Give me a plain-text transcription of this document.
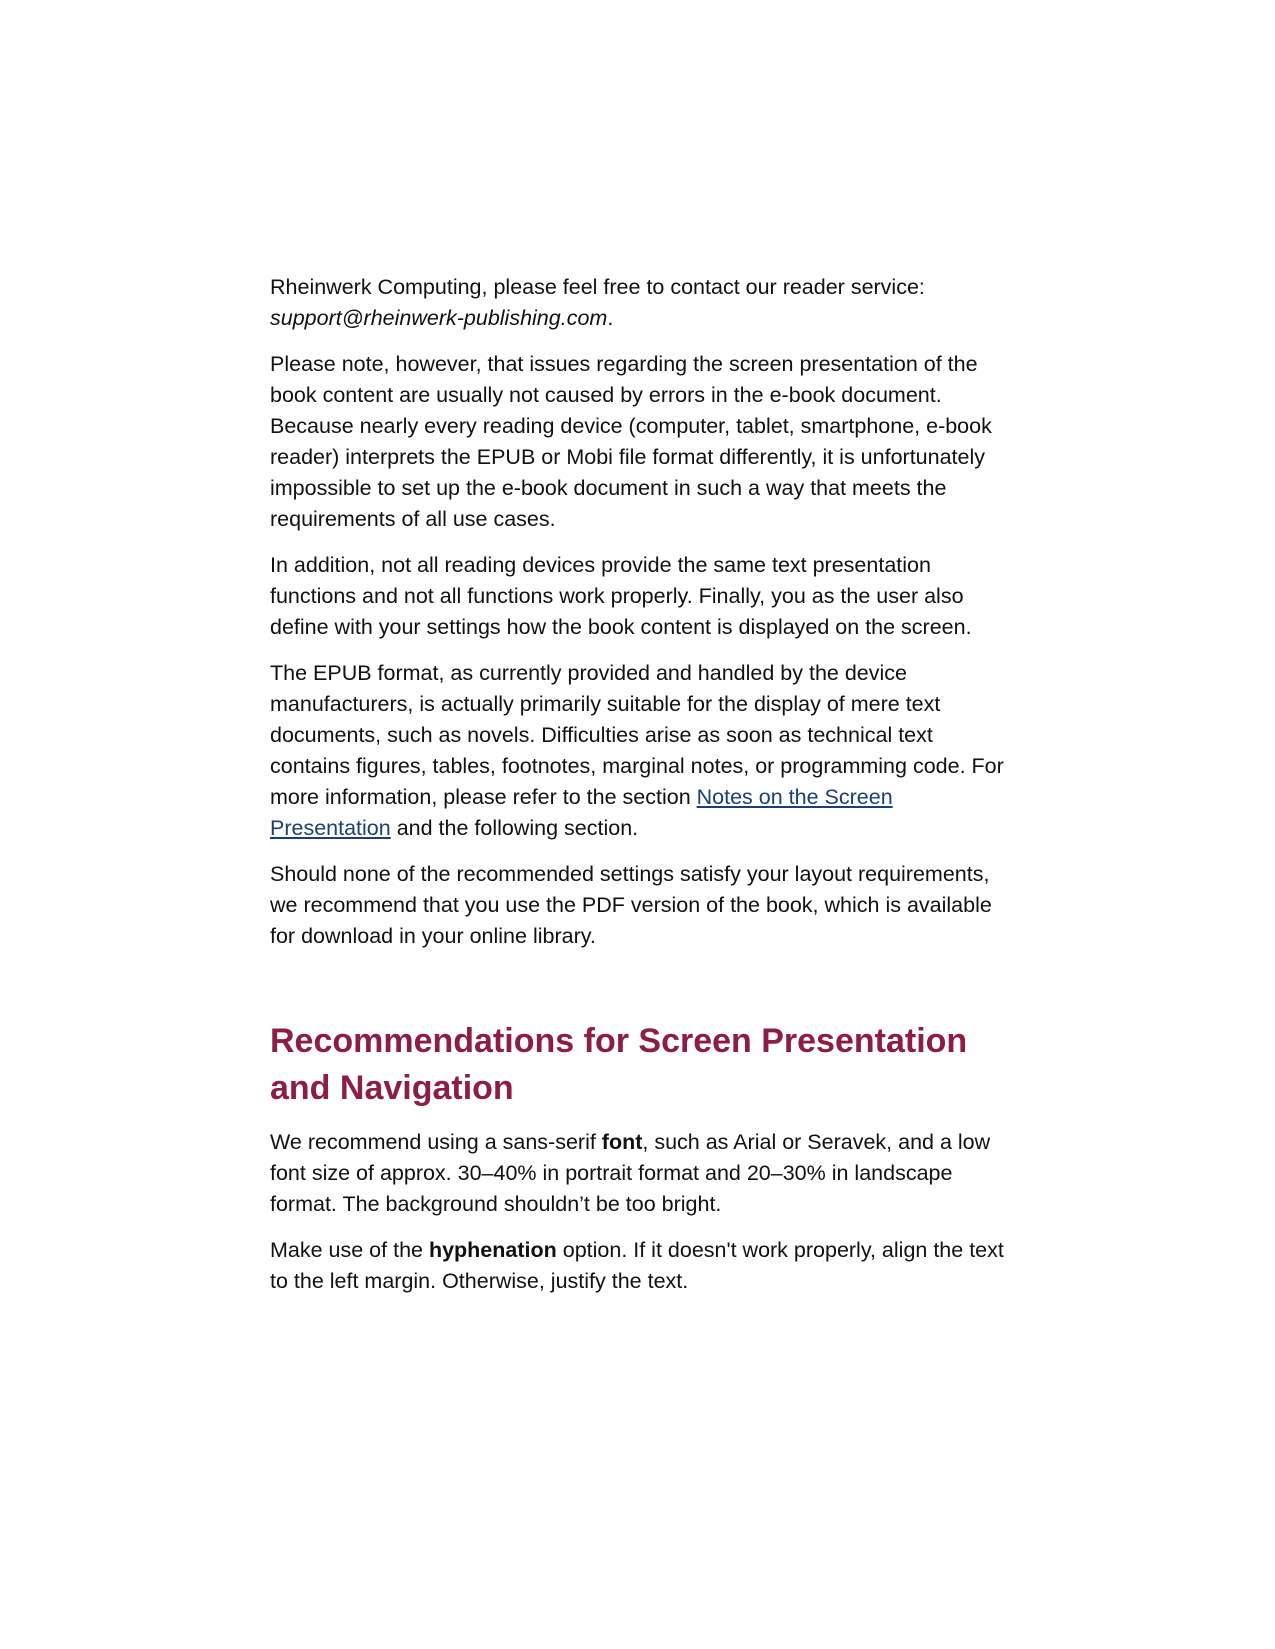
Rheinwerk Computing, please feel free to contact our reader service:
support@rheinwerk-publishing.com.

Please note, however, that issues regarding the screen presentation of the book content are usually not caused by errors in the e-book document. Because nearly every reading device (computer, tablet, smartphone, e-book reader) interprets the EPUB or Mobi file format differently, it is unfortunately impossible to set up the e-book document in such a way that meets the requirements of all use cases.

In addition, not all reading devices provide the same text presentation functions and not all functions work properly. Finally, you as the user also define with your settings how the book content is displayed on the screen.

The EPUB format, as currently provided and handled by the device manufacturers, is actually primarily suitable for the display of mere text documents, such as novels. Difficulties arise as soon as technical text contains figures, tables, footnotes, marginal notes, or programming code. For more information, please refer to the section Notes on the Screen Presentation and the following section.

Should none of the recommended settings satisfy your layout requirements, we recommend that you use the PDF version of the book, which is available for download in your online library.

Recommendations for Screen Presentation and Navigation

We recommend using a sans-serif font, such as Arial or Seravek, and a low font size of approx. 30–40% in portrait format and 20–30% in landscape format. The background shouldn’t be too bright.

Make use of the hyphenation option. If it doesn't work properly, align the text to the left margin. Otherwise, justify the text.
